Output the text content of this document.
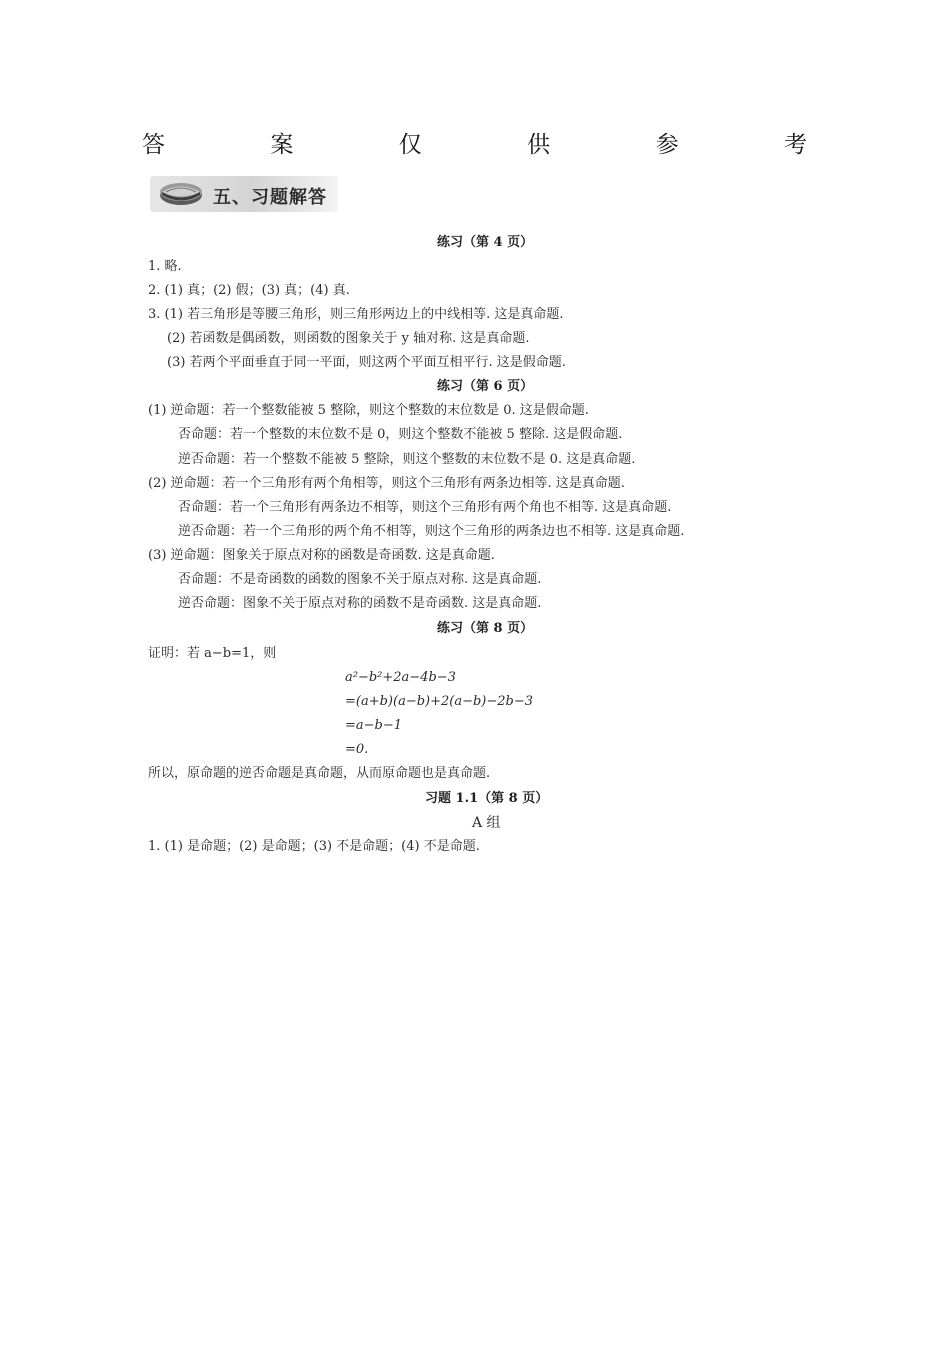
答	案	仅	供	参	考
五、习题解答
练习（第 4 页）
1. 略.
2. (1) 真；(2) 假；(3) 真；(4) 真.
3. (1) 若三角形是等腰三角形，则三角形两边上的中线相等. 这是真命题.
(2) 若函数是偶函数，则函数的图象关于 y 轴对称. 这是真命题.
(3) 若两个平面垂直于同一平面，则这两个平面互相平行. 这是假命题.
练习（第 6 页）
(1) 逆命题：若一个整数能被 5 整除，则这个整数的末位数是 0. 这是假命题.
否命题：若一个整数的末位数不是 0，则这个整数不能被 5 整除. 这是假命题.
逆否命题：若一个整数不能被 5 整除，则这个整数的末位数不是 0. 这是真命题.
(2) 逆命题：若一个三角形有两个角相等，则这个三角形有两条边相等. 这是真命题.
否命题：若一个三角形有两条边不相等，则这个三角形有两个角也不相等. 这是真命题.
逆否命题：若一个三角形的两个角不相等，则这个三角形的两条边也不相等. 这是真命题.
(3) 逆命题：图象关于原点对称的函数是奇函数. 这是真命题.
否命题：不是奇函数的函数的图象不关于原点对称. 这是真命题.
逆否命题：图象不关于原点对称的函数不是奇函数. 这是真命题.
练习（第 8 页）
证明：若 a−b=1，则
a²−b²+2a−4b−3
=(a+b)(a−b)+2(a−b)−2b−3
=a−b−1
=0.
所以，原命题的逆否命题是真命题，从而原命题也是真命题.
习题 1.1（第 8 页）
A 组
1. (1) 是命题；(2) 是命题；(3) 不是命题；(4) 不是命题.
